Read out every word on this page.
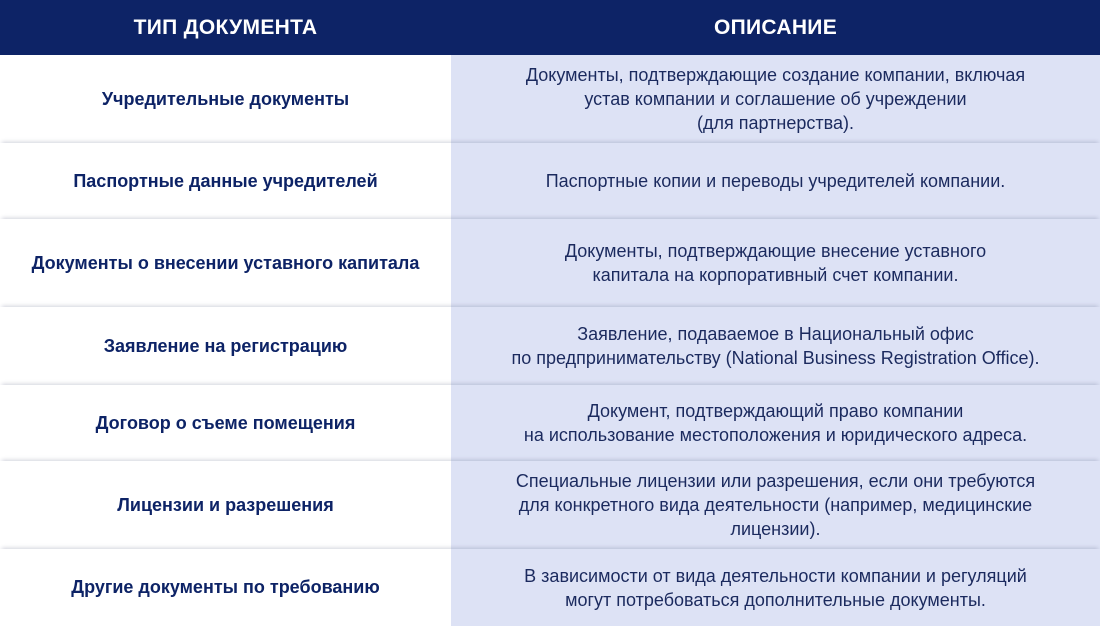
ТИП ДОКУМЕНТА	ОПИСАНИЕ
Учредительные документы
Документы, подтверждающие создание компании, включая
устав компании и соглашение об учреждении
(для партнерства).
Паспортные данные учредителей	Паспортные копии и переводы учредителей компании.
Документы о внесении уставного капитала
Документы, подтверждающие внесение уставного
капитала на корпоративный счет компании.
Заявление на регистрацию
Заявление, подаваемое в Национальный офис
по предпринимательству (National Business Registration Office).
Договор о съеме помещения
Документ, подтверждающий право компании
на использование местоположения и юридического адреса.
Лицензии и разрешения
Специальные лицензии или разрешения, если они требуются
для конкретного вида деятельности (например, медицинские
лицензии).
Другие документы по требованию
В зависимости от вида деятельности компании и регуляций
могут потребоваться дополнительные документы.
